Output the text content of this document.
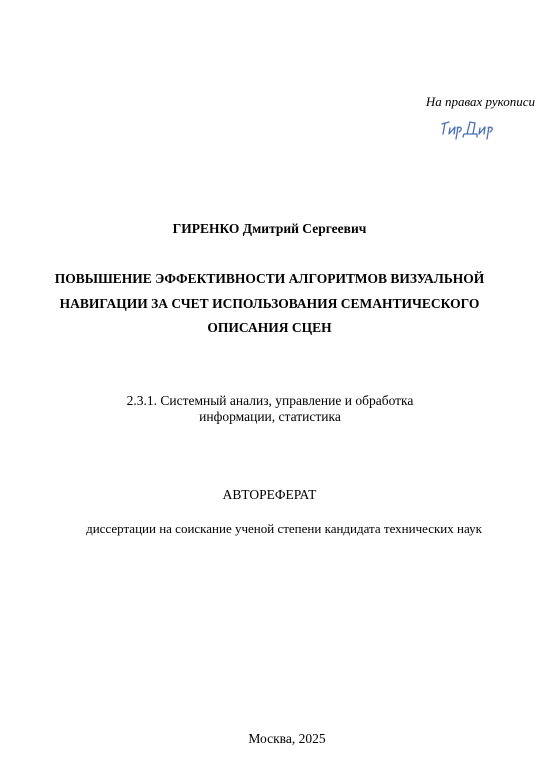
На правах рукописи
ГИРЕНКО Дмитрий Сергеевич
ПОВЫШЕНИЕ ЭФФЕКТИВНОСТИ АЛГОРИТМОВ ВИЗУАЛЬНОЙ
НАВИГАЦИИ ЗА СЧЕТ ИСПОЛЬЗОВАНИЯ СЕМАНТИЧЕСКОГО
ОПИСАНИЯ СЦЕН
2.3.1. Системный анализ, управление и обработка
информации, статистика
АВТОРЕФЕРАТ
диссертации на соискание ученой степени кандидата технических наук
Москва, 2025
